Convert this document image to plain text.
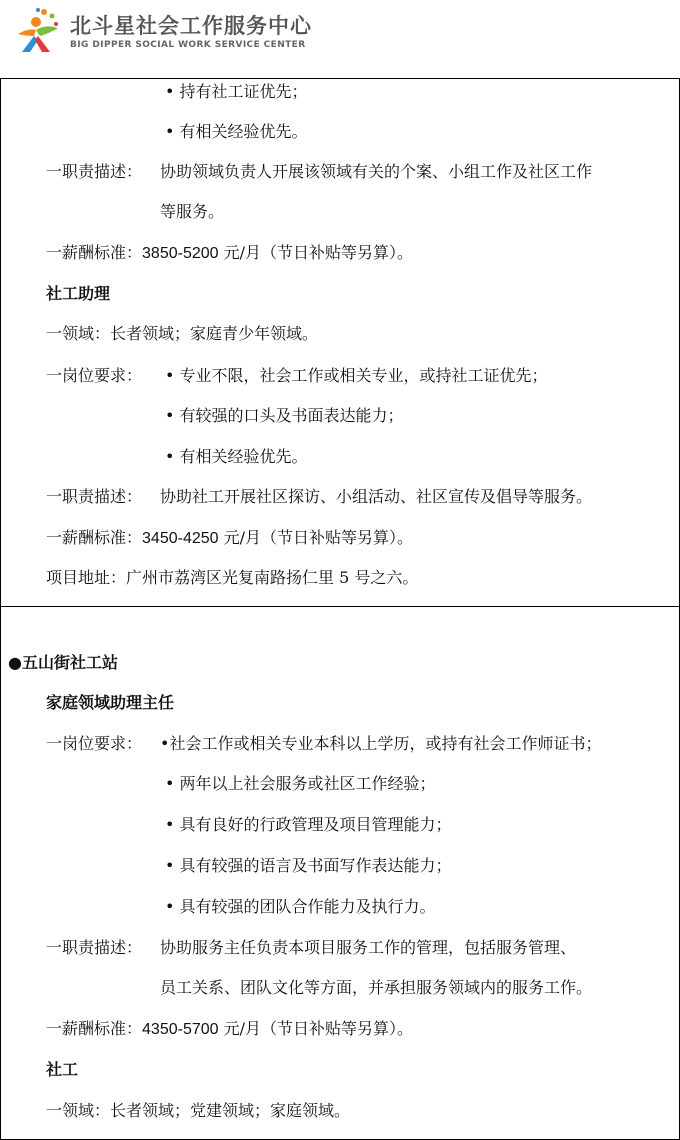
北斗星社会工作服务中心
BIG DIPPER SOCIAL WORK SERVICE CENTER
• 持有社工证优先；
• 有相关经验优先。
一职责描述： 协助领域负责人开展该领域有关的个案、小组工作及社区工作
等服务。
一薪酬标准：3850-5200 元/月（节日补贴等另算）。
社工助理
一领域：长者领域；家庭青少年领域。
一岗位要求： • 专业不限，社会工作或相关专业，或持社工证优先；
• 有较强的口头及书面表达能力；
• 有相关经验优先。
一职责描述： 协助社工开展社区探访、小组活动、社区宣传及倡导等服务。
一薪酬标准：3450-4250 元/月（节日补贴等另算）。
项目地址：广州市荔湾区光复南路扬仁里 5 号之六。
●五山街社工站
家庭领域助理主任
一岗位要求： •社会工作或相关专业本科以上学历，或持有社会工作师证书；
• 两年以上社会服务或社区工作经验；
• 具有良好的行政管理及项目管理能力；
• 具有较强的语言及书面写作表达能力；
• 具有较强的团队合作能力及执行力。
一职责描述： 协助服务主任负责本项目服务工作的管理，包括服务管理、
员工关系、团队文化等方面，并承担服务领域内的服务工作。
一薪酬标准：4350-5700 元/月（节日补贴等另算）。
社工
一领域：长者领域；党建领域；家庭领域。
